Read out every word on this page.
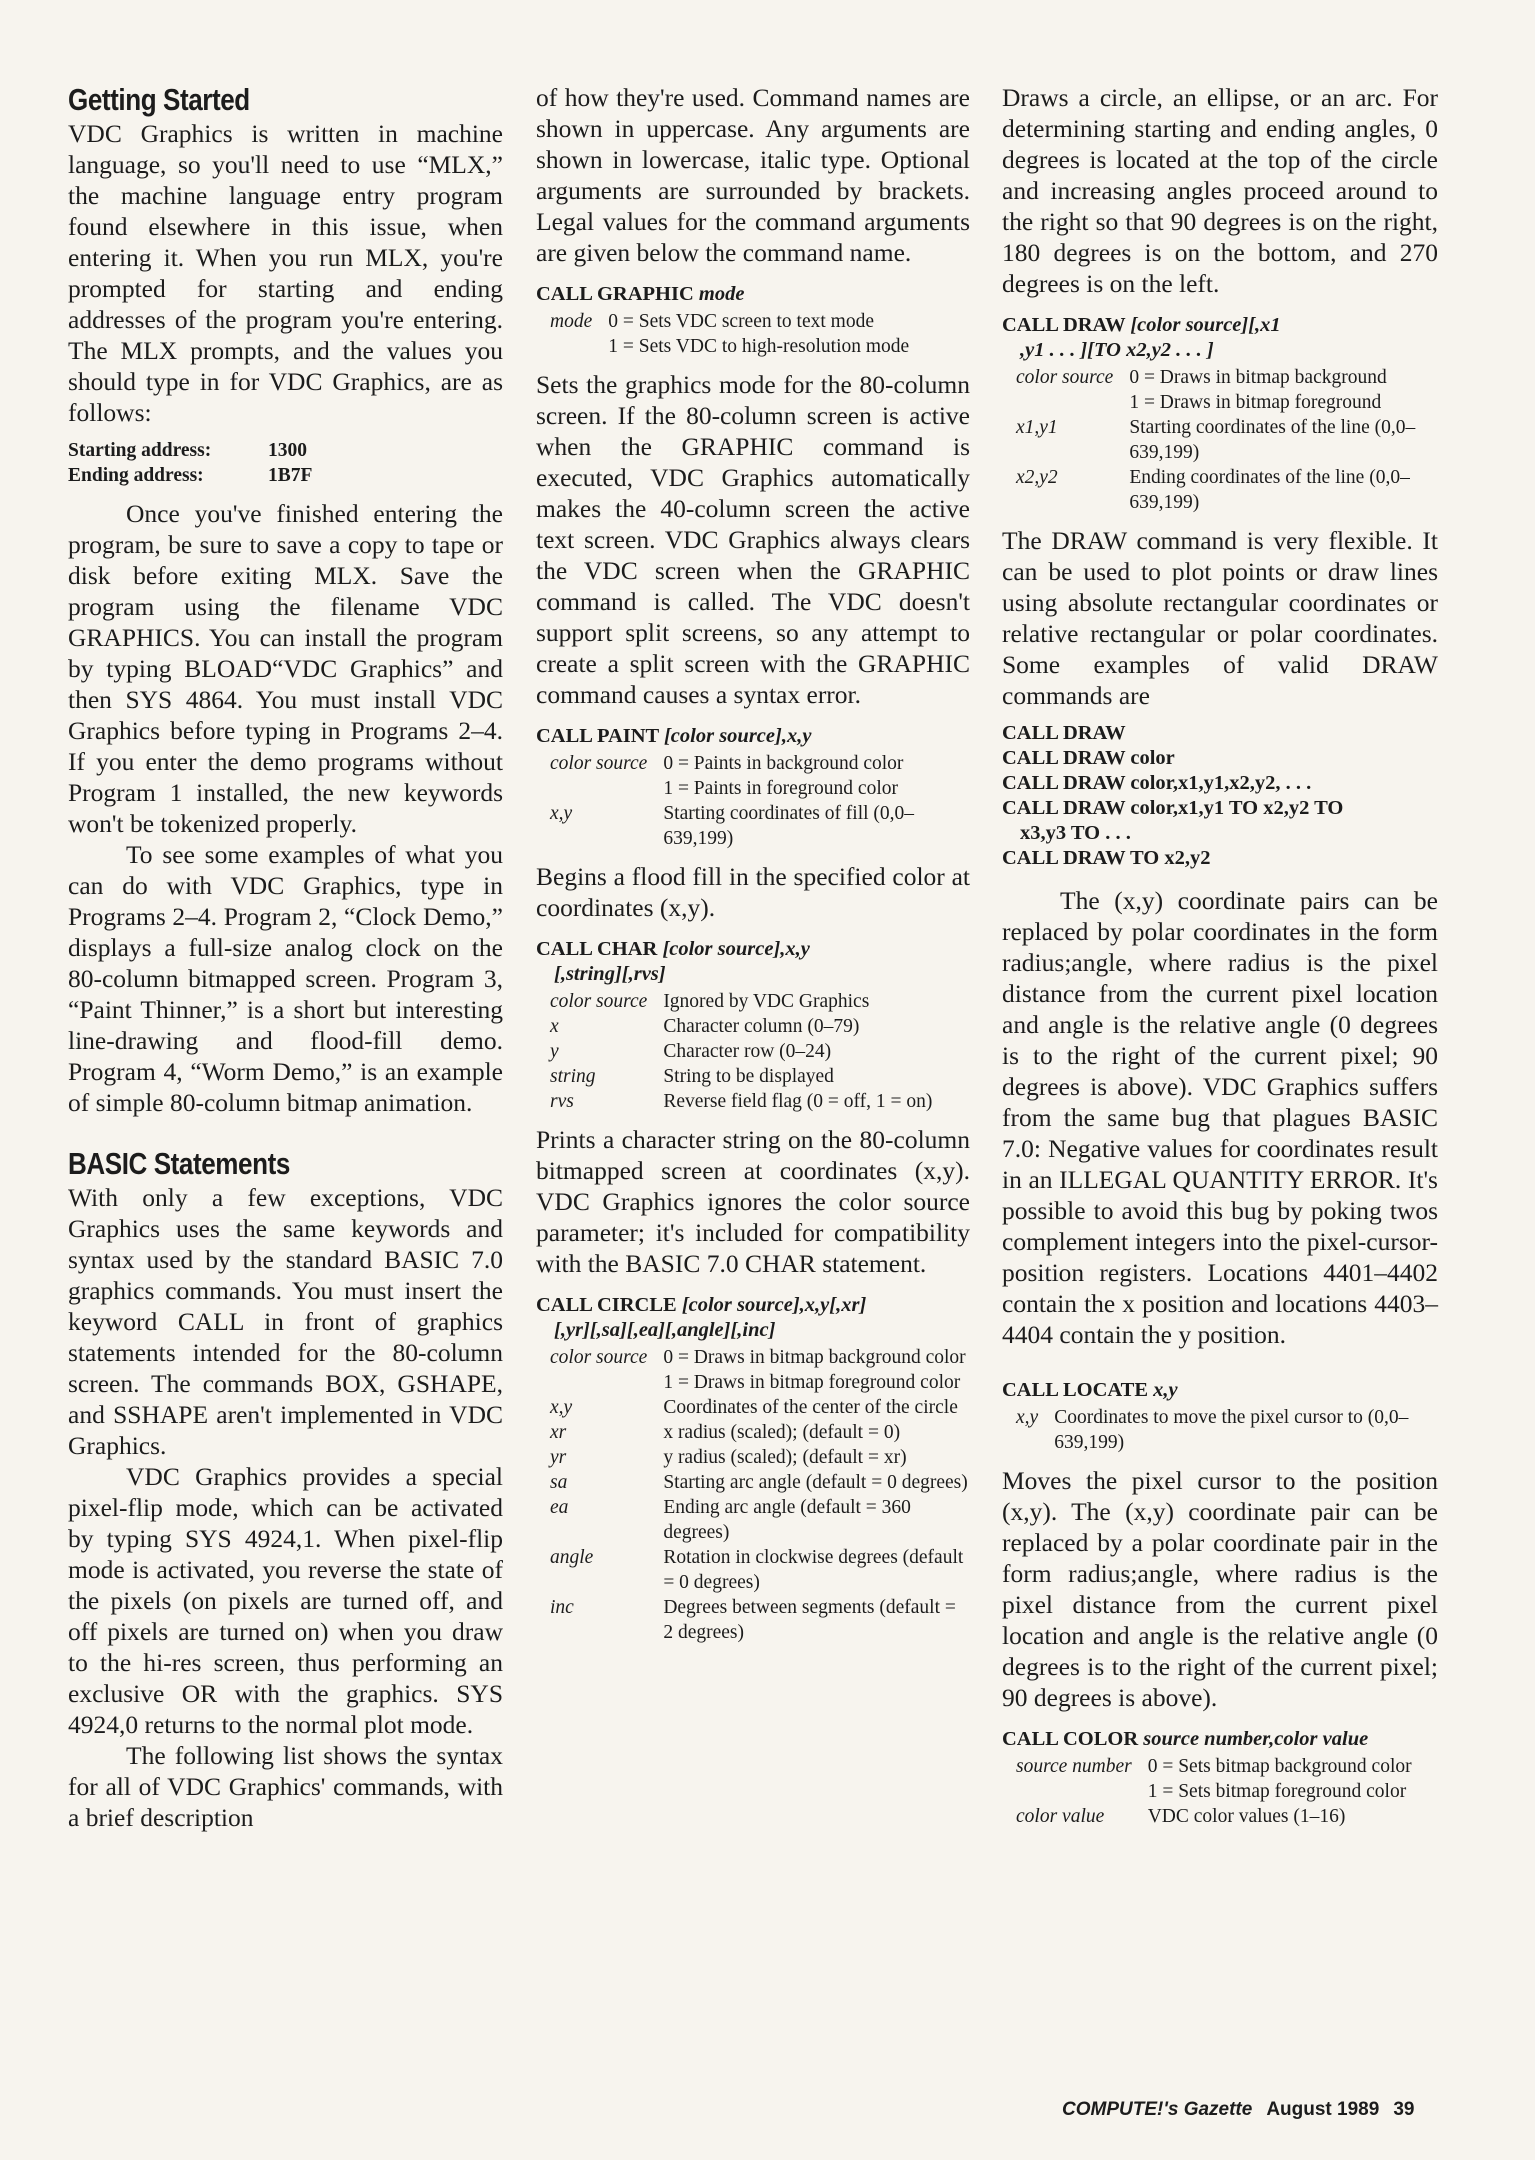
Getting Started

VDC Graphics is written in machine language, so you'll need to use “MLX,” the machine language entry program found elsewhere in this issue, when entering it. When you run MLX, you're prompted for starting and ending addresses of the program you're entering. The MLX prompts, and the values you should type in for VDC Graphics, are as follows:

Starting address:	1300
Ending address:	1B7F

Once you've finished entering the program, be sure to save a copy to tape or disk before exiting MLX. Save the program using the filename VDC GRAPHICS. You can install the program by typing BLOAD“VDC Graphics” and then SYS 4864. You must install VDC Graphics before typing in Programs 2–4. If you enter the demo programs without Program 1 installed, the new keywords won't be tokenized properly.

To see some examples of what you can do with VDC Graphics, type in Programs 2–4. Program 2, “Clock Demo,” displays a full-size analog clock on the 80-column bitmapped screen. Program 3, “Paint Thinner,” is a short but interesting line-drawing and flood-fill demo. Program 4, “Worm Demo,” is an example of simple 80-column bitmap animation.

BASIC Statements

With only a few exceptions, VDC Graphics uses the same keywords and syntax used by the standard BASIC 7.0 graphics commands. You must insert the keyword CALL in front of graphics statements intended for the 80-column screen. The commands BOX, GSHAPE, and SSHAPE aren't implemented in VDC Graphics.

VDC Graphics provides a special pixel-flip mode, which can be activated by typing SYS 4924,1. When pixel-flip mode is activated, you reverse the state of the pixels (on pixels are turned off, and off pixels are turned on) when you draw to the hi-res screen, thus performing an exclusive OR with the graphics. SYS 4924,0 returns to the normal plot mode.

The following list shows the syntax for all of VDC Graphics' commands, with a brief description

of how they're used. Command names are shown in uppercase. Any arguments are shown in lowercase, italic type. Optional arguments are surrounded by brackets. Legal values for the command arguments are given below the command name.

CALL GRAPHIC mode
mode	0 = Sets VDC screen to text mode
	1 = Sets VDC to high-resolution mode

Sets the graphics mode for the 80-column screen. If the 80-column screen is active when the GRAPHIC command is executed, VDC Graphics automatically makes the 40-column screen the active text screen. VDC Graphics always clears the VDC screen when the GRAPHIC command is called. The VDC doesn't support split screens, so any attempt to create a split screen with the GRAPHIC command causes a syntax error.

CALL PAINT [color source],x,y
color source	0 = Paints in background color
	1 = Paints in foreground color
x,y	Starting coordinates of fill (0,0–639,199)

Begins a flood fill in the specified color at coordinates (x,y).

CALL CHAR [color source],x,y
[,string][,rvs]
color source	Ignored by VDC Graphics
x	Character column (0–79)
y	Character row (0–24)
string	String to be displayed
rvs	Reverse field flag (0 = off, 1 = on)

Prints a character string on the 80-column bitmapped screen at coordinates (x,y). VDC Graphics ignores the color source parameter; it's included for compatibility with the BASIC 7.0 CHAR statement.

CALL CIRCLE [color source],x,y[,xr]
[,yr][,sa][,ea][,angle][,inc]
color source	0 = Draws in bitmap background color
	1 = Draws in bitmap foreground color
x,y	Coordinates of the center of the circle
xr	x radius (scaled); (default = 0)
yr	y radius (scaled); (default = xr)
sa	Starting arc angle (default = 0 degrees)
ea	Ending arc angle (default = 360 degrees)
angle	Rotation in clockwise degrees (default = 0 degrees)
inc	Degrees between segments (default = 2 degrees)

Draws a circle, an ellipse, or an arc. For determining starting and ending angles, 0 degrees is located at the top of the circle and increasing angles proceed around to the right so that 90 degrees is on the right, 180 degrees is on the bottom, and 270 degrees is on the left.

CALL DRAW [color source][,x1
,y1 . . . ][TO x2,y2 . . . ]
color source	0 = Draws in bitmap background
	1 = Draws in bitmap foreground
x1,y1	Starting coordinates of the line (0,0–639,199)
x2,y2	Ending coordinates of the line (0,0–639,199)

The DRAW command is very flexible. It can be used to plot points or draw lines using absolute rectangular coordinates or relative rectangular or polar coordinates. Some examples of valid DRAW commands are

CALL DRAW
CALL DRAW color
CALL DRAW color,x1,y1,x2,y2, . . .
CALL DRAW color,x1,y1 TO x2,y2 TO
x3,y3 TO . . .
CALL DRAW TO x2,y2

The (x,y) coordinate pairs can be replaced by polar coordinates in the form radius;angle, where radius is the pixel distance from the current pixel location and angle is the relative angle (0 degrees is to the right of the current pixel; 90 degrees is above). VDC Graphics suffers from the same bug that plagues BASIC 7.0: Negative values for coordinates result in an ILLEGAL QUANTITY ERROR. It's possible to avoid this bug by poking twos complement integers into the pixel-cursor-position registers. Locations 4401–4402 contain the x position and locations 4403–4404 contain the y position.

CALL LOCATE x,y
x,y	Coordinates to move the pixel cursor to (0,0–639,199)

Moves the pixel cursor to the position (x,y). The (x,y) coordinate pair can be replaced by a polar coordinate pair in the form radius;angle, where radius is the pixel distance from the current pixel location and angle is the relative angle (0 degrees is to the right of the current pixel; 90 degrees is above).

CALL COLOR source number,color value
source number	0 = Sets bitmap background color
	1 = Sets bitmap foreground color
color value	VDC color values (1–16)
COMPUTE!'s Gazette August 1989 39
